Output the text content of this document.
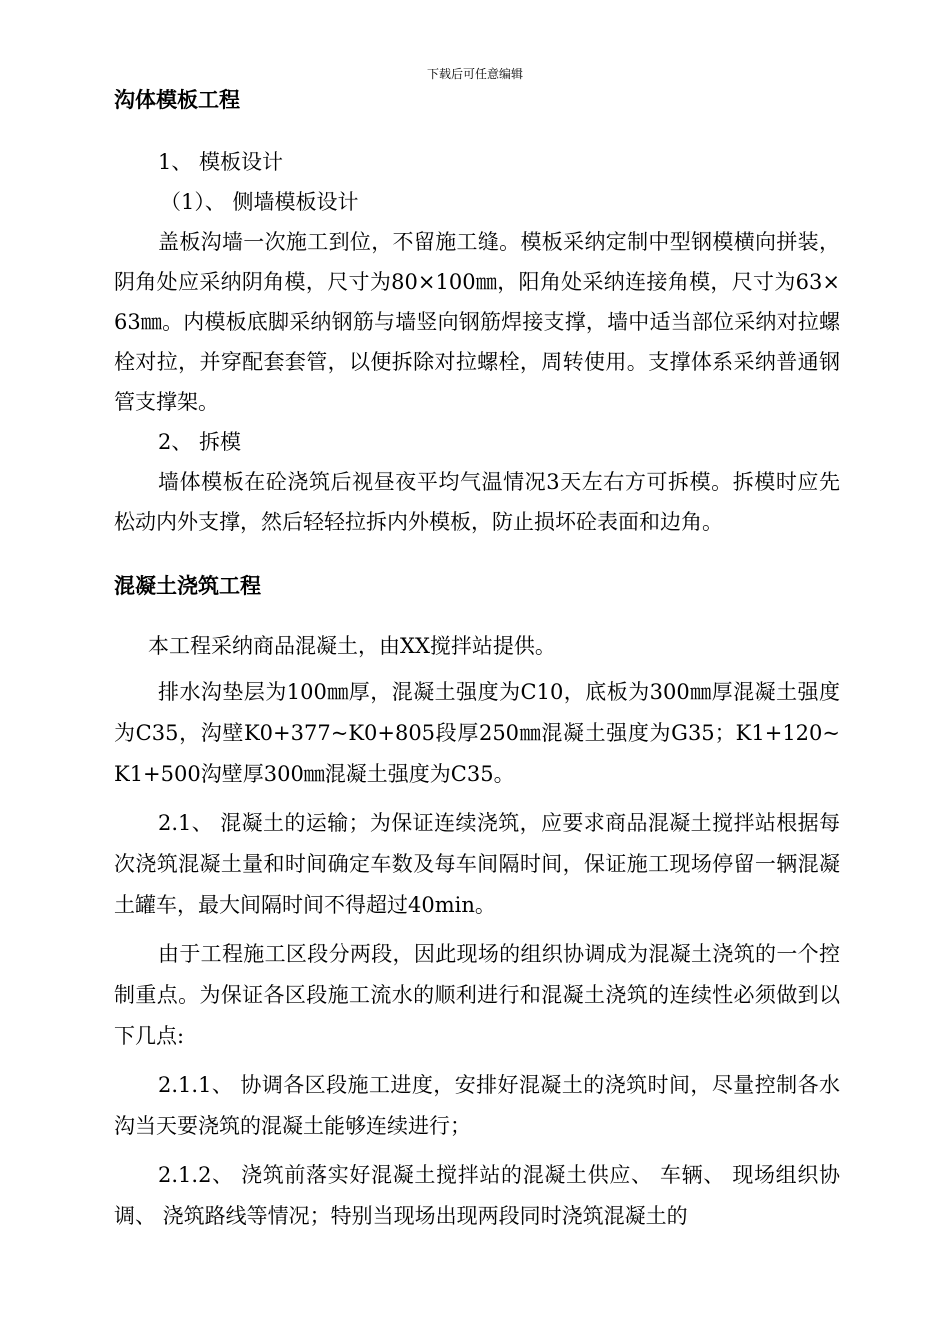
下载后可任意编辑
沟体模板工程
1、 模板设计
（1）、 侧墙模板设计
盖板沟墙一次施工到位，不留施工缝。模板采纳定制中型钢模横向拼装，阴角处应采纳阴角模，尺寸为80×100㎜，阳角处采纳连接角模，尺寸为63×63㎜。内模板底脚采纳钢筋与墙竖向钢筋焊接支撑，墙中适当部位采纳对拉螺栓对拉，并穿配套套管，以便拆除对拉螺栓，周转使用。支撑体系采纳普通钢管支撑架。
2、 拆模
墙体模板在砼浇筑后视昼夜平均气温情况3天左右方可拆模。拆模时应先松动内外支撑，然后轻轻拉拆内外模板，防止损坏砼表面和边角。
混凝土浇筑工程
本工程采纳商品混凝土，由XX搅拌站提供。
排水沟垫层为100㎜厚，混凝土强度为C10，底板为300㎜厚混凝土强度为C35，沟壁K0+377~K0+805段厚250㎜混凝土强度为G35；K1+120~K1+500沟壁厚300㎜混凝土强度为C35。
2.1、 混凝土的运输；为保证连续浇筑，应要求商品混凝土搅拌站根据每次浇筑混凝土量和时间确定车数及每车间隔时间，保证施工现场停留一辆混凝土罐车，最大间隔时间不得超过40min。
由于工程施工区段分两段，因此现场的组织协调成为混凝土浇筑的一个控制重点。为保证各区段施工流水的顺利进行和混凝土浇筑的连续性必须做到以下几点:
2.1.1、 协调各区段施工进度，安排好混凝土的浇筑时间，尽量控制各水沟当天要浇筑的混凝土能够连续进行；
2.1.2、 浇筑前落实好混凝土搅拌站的混凝土供应、 车辆、 现场组织协调、 浇筑路线等情况；特别当现场出现两段同时浇筑混凝土的
